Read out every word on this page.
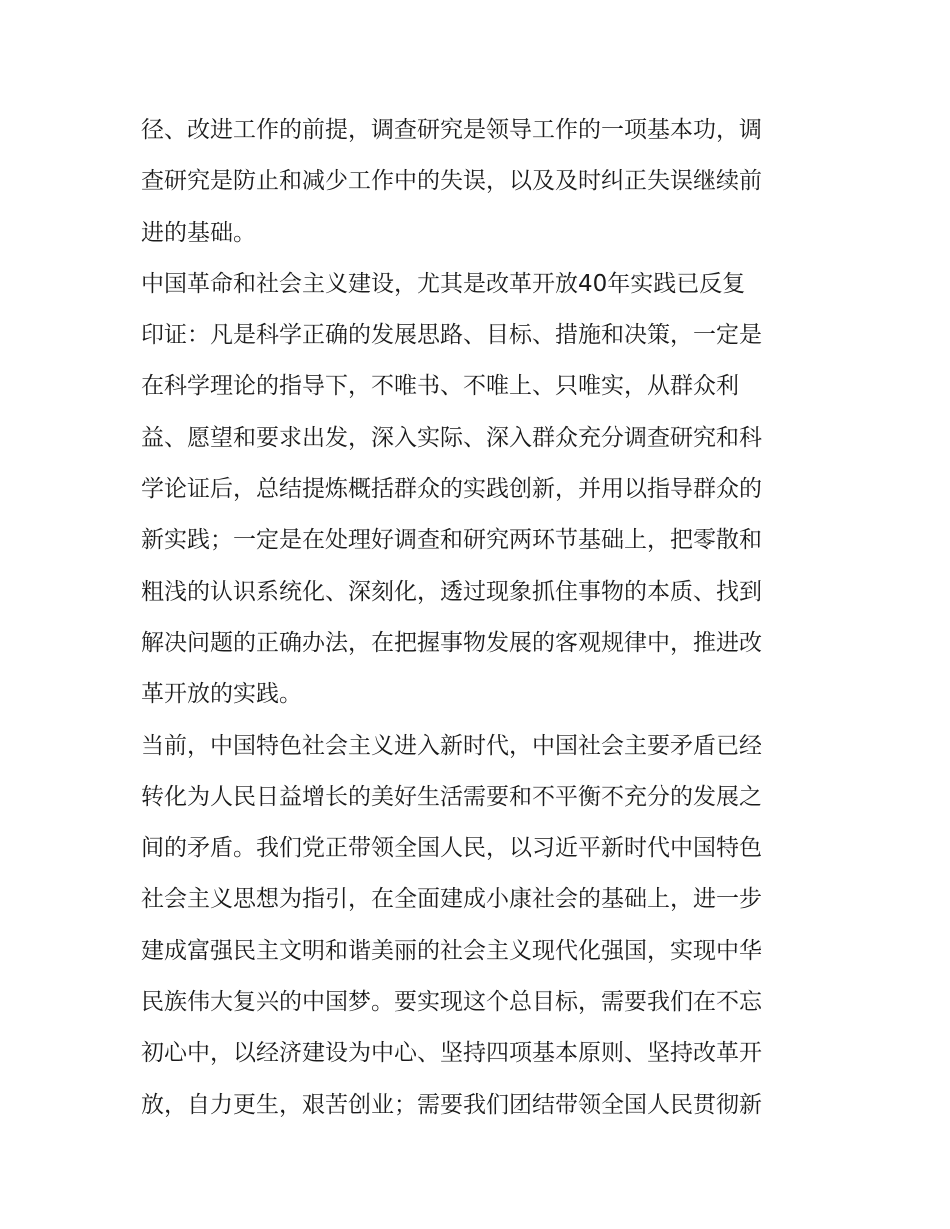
径、改进工作的前提，调查研究是领导工作的一项基本功，调
查研究是防止和减少工作中的失误，以及及时纠正失误继续前
进的基础。
中国革命和社会主义建设，尤其是改革开放40年实践已反复
印证：凡是科学正确的发展思路、目标、措施和决策，一定是
在科学理论的指导下，不唯书、不唯上、只唯实，从群众利
益、愿望和要求出发，深入实际、深入群众充分调查研究和科
学论证后，总结提炼概括群众的实践创新，并用以指导群众的
新实践；一定是在处理好调查和研究两环节基础上，把零散和
粗浅的认识系统化、深刻化，透过现象抓住事物的本质、找到
解决问题的正确办法，在把握事物发展的客观规律中，推进改
革开放的实践。
当前，中国特色社会主义进入新时代，中国社会主要矛盾已经
转化为人民日益增长的美好生活需要和不平衡不充分的发展之
间的矛盾。我们党正带领全国人民，以习近平新时代中国特色
社会主义思想为指引，在全面建成小康社会的基础上，进一步
建成富强民主文明和谐美丽的社会主义现代化强国，实现中华
民族伟大复兴的中国梦。要实现这个总目标，需要我们在不忘
初心中，以经济建设为中心、坚持四项基本原则、坚持改革开
放，自力更生，艰苦创业；需要我们团结带领全国人民贯彻新
